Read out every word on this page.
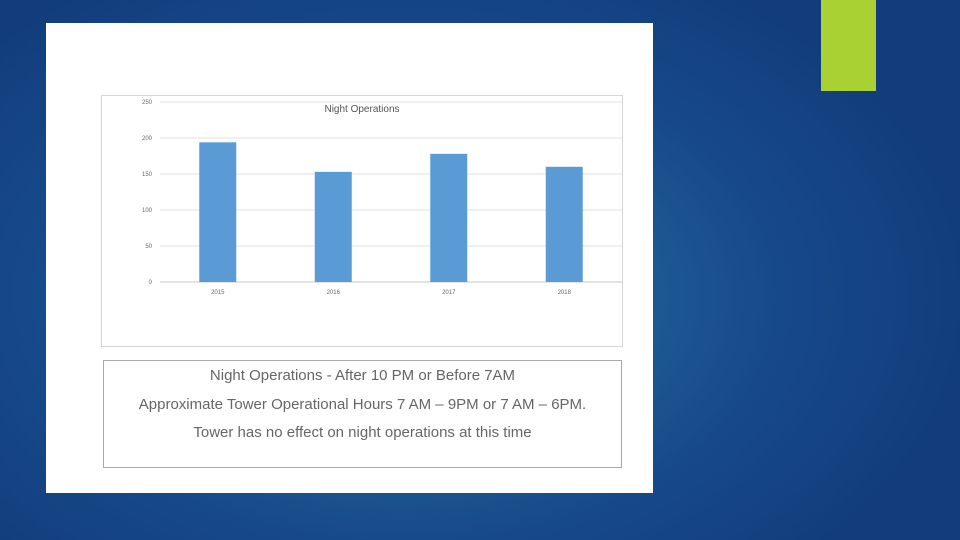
0
50
100
150
200
250
2015	2016	2017	2018
Night Operations
Night Operations - After 10 PM or Before 7AM
Approximate Tower Operational Hours 7 AM – 9PM or 7 AM – 6PM.
Tower has no effect on night operations at this time
